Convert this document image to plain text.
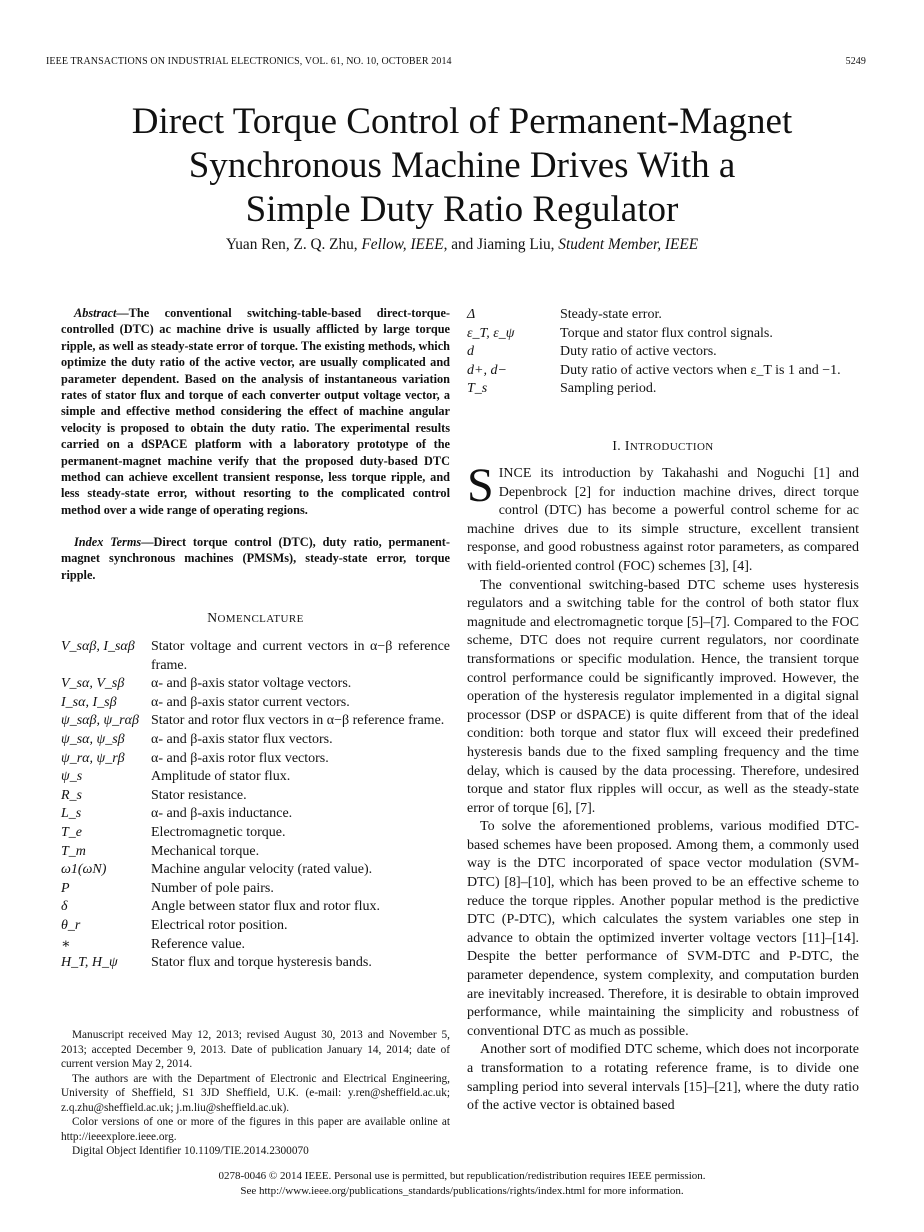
IEEE TRANSACTIONS ON INDUSTRIAL ELECTRONICS, VOL. 61, NO. 10, OCTOBER 2014	5249
Direct Torque Control of Permanent-Magnet
Synchronous Machine Drives With a
Simple Duty Ratio Regulator
Yuan Ren, Z. Q. Zhu, Fellow, IEEE, and Jiaming Liu, Student Member, IEEE

Abstract—The conventional switching-table-based direct-torque-controlled (DTC) ac machine drive is usually afflicted by large torque ripple, as well as steady-state error of torque. The existing methods, which optimize the duty ratio of the active vector, are usually complicated and parameter dependent. Based on the analysis of instantaneous variation rates of stator flux and torque of each converter output voltage vector, a simple and effective method considering the effect of machine angular velocity is proposed to obtain the duty ratio. The experimental results carried on a dSPACE platform with a laboratory prototype of the permanent-magnet machine verify that the proposed duty-based DTC method can achieve excellent transient response, less torque ripple, and less steady-state error, without resorting to the complicated control method over a wide range of operating regions.

Index Terms—Direct torque control (DTC), duty ratio, permanent-magnet synchronous machines (PMSMs), steady-state error, torque ripple.

NOMENCLATURE
V_sαβ, I_sαβ	Stator voltage and current vectors in α−β reference frame.
V_sα, V_sβ	α- and β-axis stator voltage vectors.
I_sα, I_sβ	α- and β-axis stator current vectors.
ψ_sαβ, ψ_rαβ Stator and rotor flux vectors in α−β reference frame.
ψ_sα, ψ_sβ	α- and β-axis stator flux vectors.
ψ_rα, ψ_rβ	α- and β-axis rotor flux vectors.
ψ_s	Amplitude of stator flux.
R_s	Stator resistance.
L_s	α- and β-axis inductance.
T_e	Electromagnetic torque.
T_m	Mechanical torque.
ω1(ωN)	Machine angular velocity (rated value).
P	Number of pole pairs.
δ	Angle between stator flux and rotor flux.
θ_r	Electrical rotor position.
∗	Reference value.
H_T, H_ψ	Stator flux and torque hysteresis bands.

Manuscript received May 12, 2013; revised August 30, 2013 and November 5, 2013; accepted December 9, 2013. Date of publication January 14, 2014; date of current version May 2, 2014.

The authors are with the Department of Electronic and Electrical Engineering, University of Sheffield, S1 3JD Sheffield, U.K. (e-mail: y.ren@sheffield.ac.uk; z.q.zhu@sheffield.ac.uk; j.m.liu@sheffield.ac.uk).

Color versions of one or more of the figures in this paper are available online at http://ieeexplore.ieee.org.

Digital Object Identifier 10.1109/TIE.2014.2300070

Δ	Steady-state error.
ε_T, ε_ψ	Torque and stator flux control signals.
d	Duty ratio of active vectors.
d+, d−	Duty ratio of active vectors when ε_T is 1 and −1.
T_s	Sampling period.
I. INTRODUCTION

SINCE its introduction by Takahashi and Noguchi [1] and Depenbrock [2] for induction machine drives, direct torque control (DTC) has become a powerful control scheme for ac machine drives due to its simple structure, excellent transient response, and good robustness against rotor parameters, as compared with field-oriented control (FOC) schemes [3], [4].

The conventional switching-based DTC scheme uses hysteresis regulators and a switching table for the control of both stator flux magnitude and electromagnetic torque [5]–[7]. Compared to the FOC scheme, DTC does not require current regulators, nor coordinate transformations or specific modulation. Hence, the transient torque control performance could be significantly improved. However, the operation of the hysteresis regulator implemented in a digital signal processor (DSP or dSPACE) is quite different from that of the ideal condition: both torque and stator flux will exceed their predefined hysteresis bands due to the fixed sampling frequency and the time delay, which is caused by the data processing. Therefore, undesired torque and stator flux ripples will occur, as well as the steady-state error of torque [6], [7].

To solve the aforementioned problems, various modified DTC-based schemes have been proposed. Among them, a commonly used way is the DTC incorporated of space vector modulation (SVM-DTC) [8]–[10], which has been proved to be an effective scheme to reduce the torque ripples. Another popular method is the predictive DTC (P-DTC), which calculates the system variables one step in advance to obtain the optimized inverter voltage vectors [11]–[14]. Despite the better performance of SVM-DTC and P-DTC, the parameter dependence, system complexity, and computation burden are inevitably increased. Therefore, it is desirable to obtain improved performance, while maintaining the simplicity and robustness of conventional DTC as much as possible.

Another sort of modified DTC scheme, which does not incorporate a transformation to a rotating reference frame, is to divide one sampling period into several intervals [15]–[21], where the duty ratio of the active vector is obtained based

0278-0046 © 2014 IEEE. Personal use is permitted, but republication/redistribution requires IEEE permission.
See http://www.ieee.org/publications_standards/publications/rights/index.html for more information.
